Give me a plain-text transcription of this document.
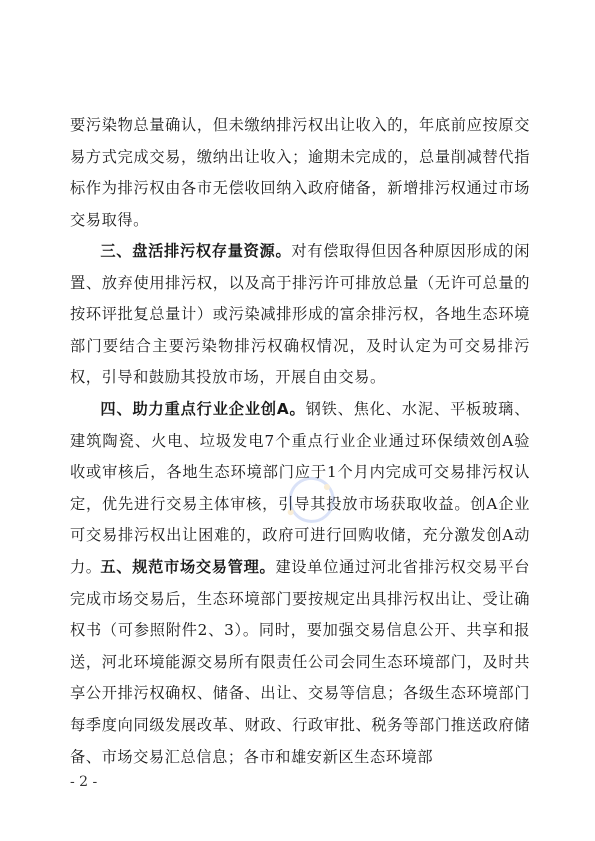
要污染物总量确认，但未缴纳排污权出让收入的，年底前应按原交易方式完成交易，缴纳出让收入；逾期未完成的，总量削减替代指标作为排污权由各市无偿收回纳入政府储备，新增排污权通过市场交易取得。

三、盘活排污权存量资源。对有偿取得但因各种原因形成的闲置、放弃使用排污权，以及高于排污许可排放总量（无许可总量的按环评批复总量计）或污染减排形成的富余排污权，各地生态环境部门要结合主要污染物排污权确权情况，及时认定为可交易排污权，引导和鼓励其投放市场，开展自由交易。

四、助力重点行业企业创A。钢铁、焦化、水泥、平板玻璃、建筑陶瓷、火电、垃圾发电7个重点行业企业通过环保绩效创A验收或审核后，各地生态环境部门应于1个月内完成可交易排污权认定，优先进行交易主体审核，引导其投放市场获取收益。创A企业可交易排污权出让困难的，政府可进行回购收储，充分激发创A动力。

五、规范市场交易管理。建设单位通过河北省排污权交易平台完成市场交易后，生态环境部门要按规定出具排污权出让、受让确权书（可参照附件2、3）。同时，要加强交易信息公开、共享和报送，河北环境能源交易所有限责任公司会同生态环境部门，及时共享公开排污权确权、储备、出让、交易等信息；各级生态环境部门每季度向同级发展改革、财政、行政审批、税务等部门推送政府储备、市场交易汇总信息；各市和雄安新区生态环境部

- 2 -
